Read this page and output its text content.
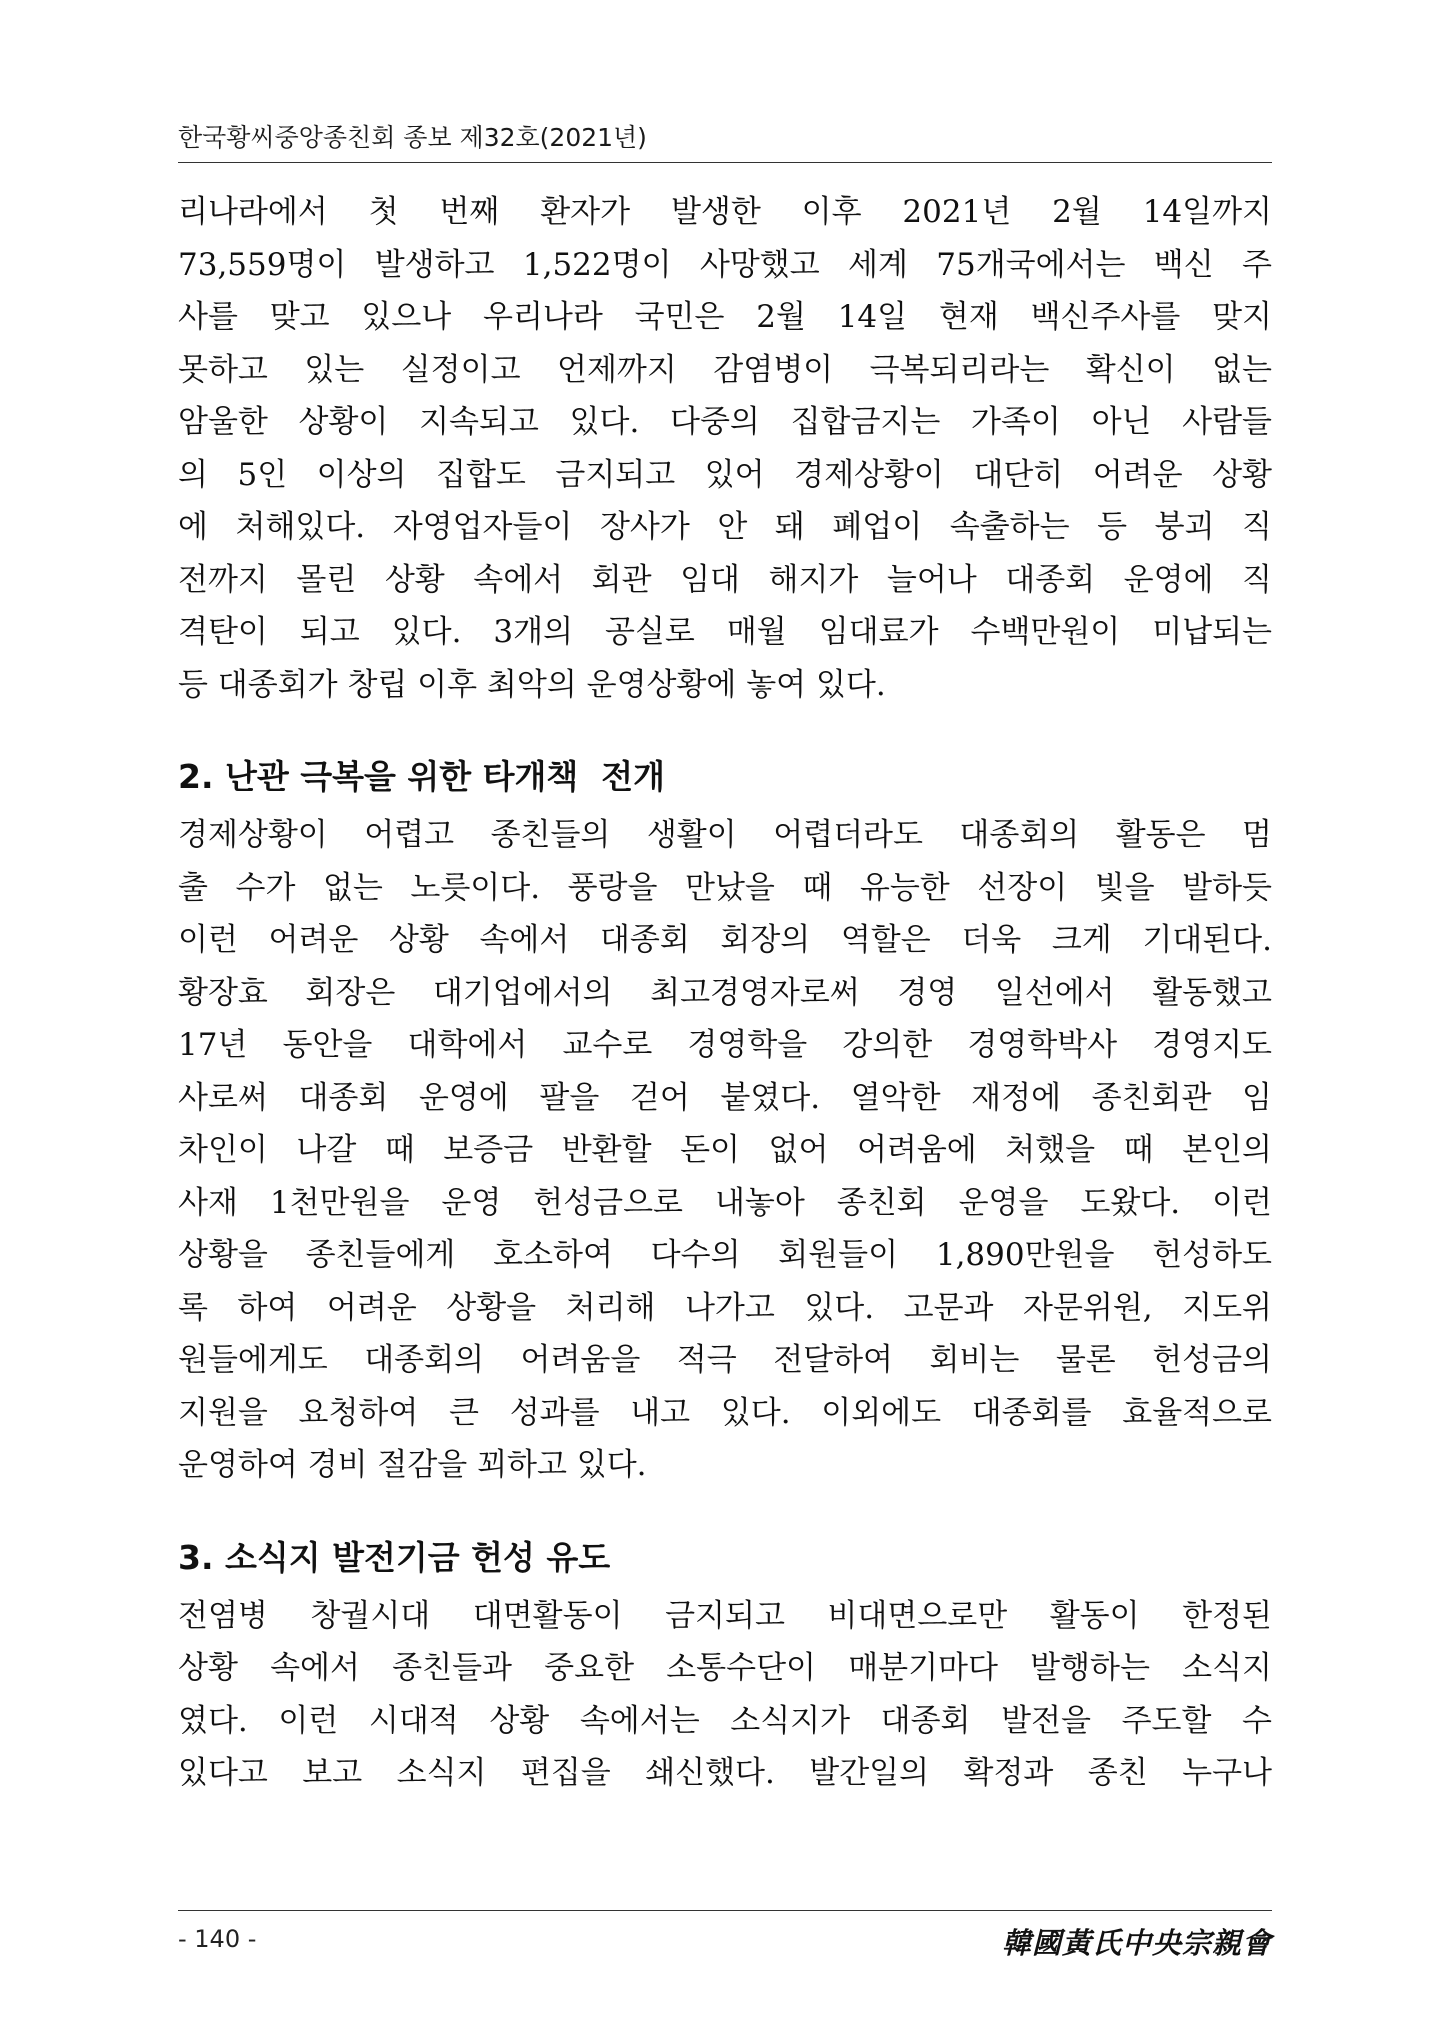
한국황씨중앙종친회 종보 제32호(2021년)
리나라에서 첫 번째 환자가 발생한 이후 2021년 2월 14일까지
73,559명이 발생하고 1,522명이 사망했고 세계 75개국에서는 백신 주
사를 맞고 있으나 우리나라 국민은 2월 14일 현재 백신주사를 맞지
못하고 있는 실정이고 언제까지 감염병이 극복되리라는 확신이 없는
암울한 상황이 지속되고 있다. 다중의 집합금지는 가족이 아닌 사람들
의 5인 이상의 집합도 금지되고 있어 경제상황이 대단히 어려운 상황
에 처해있다. 자영업자들이 장사가 안 돼 폐업이 속출하는 등 붕괴 직
전까지 몰린 상황 속에서 회관 임대 해지가 늘어나 대종회 운영에 직
격탄이 되고 있다. 3개의 공실로 매월 임대료가 수백만원이 미납되는
등 대종회가 창립 이후 최악의 운영상황에 놓여 있다.
2. 난관 극복을 위한 타개책  전개
경제상황이 어렵고 종친들의 생활이 어렵더라도 대종회의 활동은 멈
출 수가 없는 노릇이다. 풍랑을 만났을 때 유능한 선장이 빛을 발하듯
이런 어려운 상황 속에서 대종회 회장의 역할은 더욱 크게 기대된다.
황장효 회장은 대기업에서의 최고경영자로써 경영 일선에서 활동했고
17년 동안을 대학에서 교수로 경영학을 강의한 경영학박사 경영지도
사로써 대종회 운영에 팔을 걷어 붙였다. 열악한 재정에 종친회관 임
차인이 나갈 때 보증금 반환할 돈이 없어 어려움에 처했을 때 본인의
사재 1천만원을 운영 헌성금으로 내놓아 종친회 운영을 도왔다. 이런
상황을 종친들에게 호소하여 다수의 회원들이 1,890만원을 헌성하도
록 하여 어려운 상황을 처리해 나가고 있다. 고문과 자문위원, 지도위
원들에게도 대종회의 어려움을 적극 전달하여 회비는 물론 헌성금의
지원을 요청하여 큰 성과를 내고 있다. 이외에도 대종회를 효율적으로
운영하여 경비 절감을 꾀하고 있다.
3. 소식지 발전기금 헌성 유도
전염병 창궐시대 대면활동이 금지되고 비대면으로만 활동이 한정된
상황 속에서 종친들과 중요한 소통수단이 매분기마다 발행하는 소식지
였다. 이런 시대적 상황 속에서는 소식지가 대종회 발전을 주도할 수
있다고 보고 소식지 편집을 쇄신했다. 발간일의 확정과 종친 누구나
- 140 -	韓國黃氏中央宗親會
